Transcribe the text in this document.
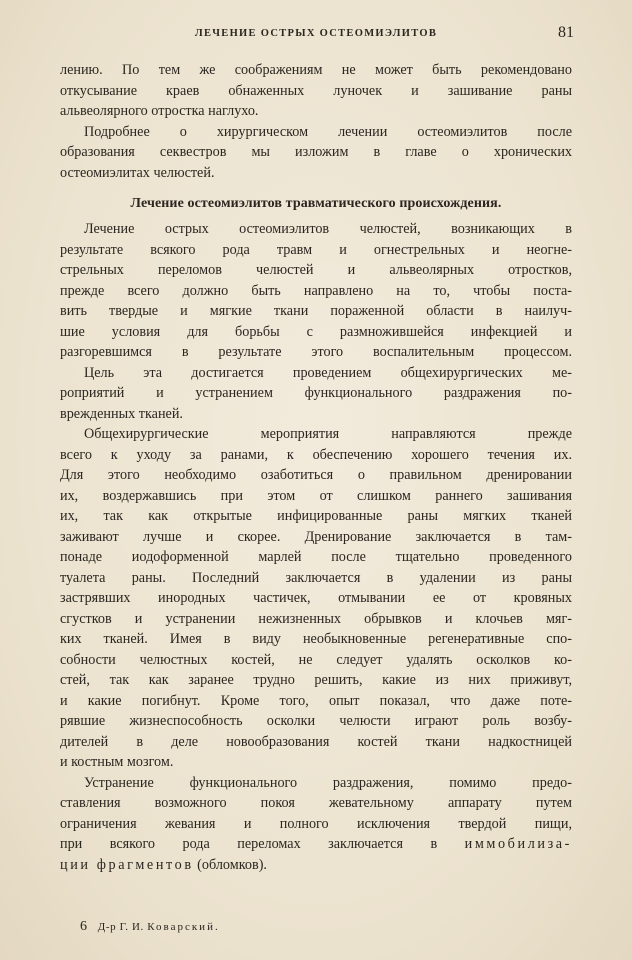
ЛЕЧЕНИЕ ОСТРЫХ ОСТЕОМИЭЛИТОВ	81
лению. По тем же соображениям не может быть рекомендовано
откусывание краев обнаженных луночек и зашивание раны
альвеолярного отростка наглухо.
Подробнее о хирургическом лечении остеомиэлитов после
образования секвестров мы изложим в главе о хронических
остеомиэлитах челюстей.
Лечение остеомиэлитов травматического происхождения.
Лечение острых остеомиэлитов челюстей, возникающих в
результате всякого рода травм и огнестрельных и неогне-
стрельных переломов челюстей и альвеолярных отростков,
прежде всего должно быть направлено на то, чтобы поста-
вить твердые и мягкие ткани пораженной области в наилуч-
шие условия для борьбы с размножившейся инфекцией и
разгоревшимся в результате этого воспалительным процессом.
Цель эта достигается проведением общехирургических ме-
роприятий и устранением функционального раздражения по-
врежденных тканей.
Общехирургические мероприятия направляются прежде
всего к уходу за ранами, к обеспечению хорошего течения их.
Для этого необходимо озаботиться о правильном дренировании
их, воздержавшись при этом от слишком раннего зашивания
их, так как открытые инфицированные раны мягких тканей
заживают лучше и скорее. Дренирование заключается в там-
понаде иодоформенной марлей после тщательно проведенного
туалета раны. Последний заключается в удалении из раны
застрявших инородных частичек, отмывании ее от кровяных
сгустков и устранении нежизненных обрывков и клочьев мяг-
ких тканей. Имея в виду необыкновенные регенеративные спо-
собности челюстных костей, не следует удалять осколков ко-
стей, так как заранее трудно решить, какие из них приживут,
и какие погибнут. Кроме того, опыт показал, что даже поте-
рявшие жизнеспособность осколки челюсти играют роль возбу-
дителей в деле новообразования костей ткани надкостницей
и костным мозгом.
Устранение функционального раздражения, помимо предо-
ставления возможного покоя жевательному аппарату путем
ограничения жевания и полного исключения твердой пищи,
при всякого рода переломах заключается в иммобилиза-
ции фрагментов (обломков).
6 Д-р Г. И. Коварский.
